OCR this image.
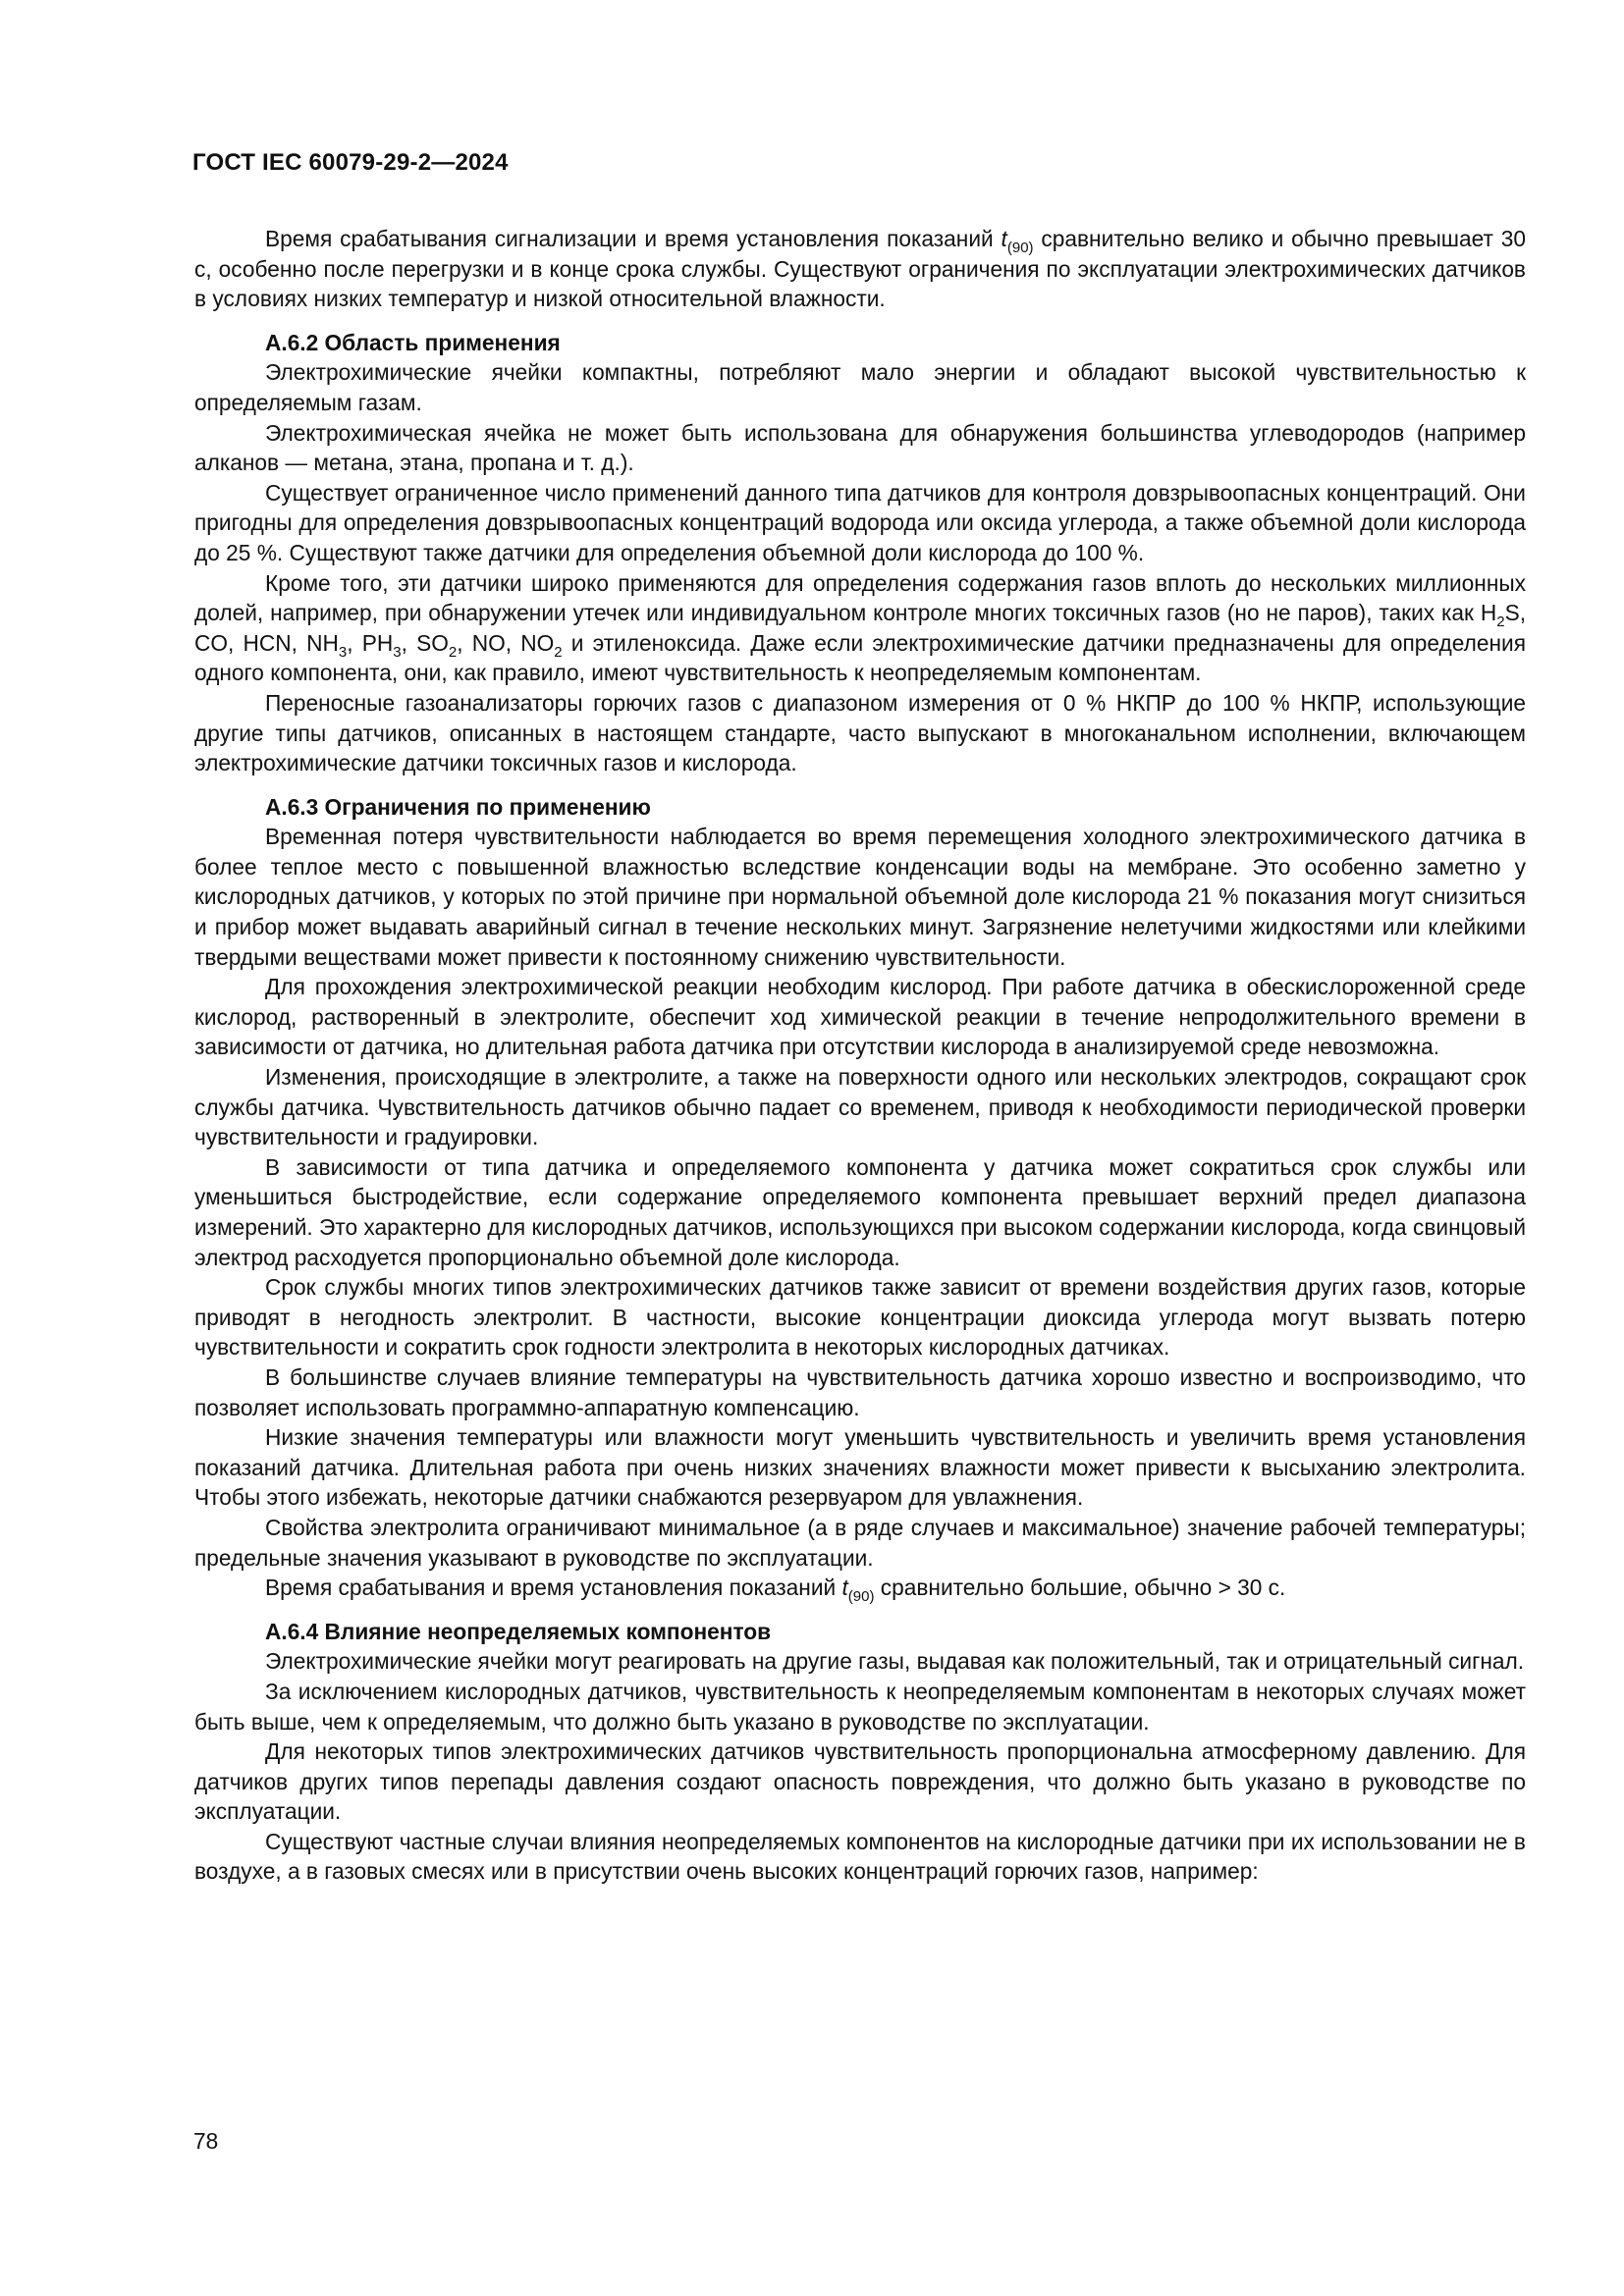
ГОСТ IEC 60079-29-2—2024

Время срабатывания сигнализации и время установления показаний $t_{(90)}$ сравнительно велико и обычно превышает 30 с, особенно после перегрузки и в конце срока службы. Существуют ограничения по эксплуатации электрохимических датчиков в условиях низких температур и низкой относительной влажности.

А.6.2 Область применения

Электрохимические ячейки компактны, потребляют мало энергии и обладают высокой чувствительностью к определяемым газам.

Электрохимическая ячейка не может быть использована для обнаружения большинства углеводородов (например алканов — метана, этана, пропана и т. д.).

Существует ограниченное число применений данного типа датчиков для контроля довзрывоопасных концентраций. Они пригодны для определения довзрывоопасных концентраций водорода или оксида углерода, а также объемной доли кислорода до 25 %. Существуют также датчики для определения объемной доли кислорода до 100 %.

Кроме того, эти датчики широко применяются для определения содержания газов вплоть до нескольких миллионных долей, например, при обнаружении утечек или индивидуальном контроле многих токсичных газов (но не паров), таких как $H_2S$, CO, HCN, $NH_3$, $PH_3$, $SO_2$, NO, $NO_2$ и этиленоксида. Даже если электрохимические датчики предназначены для определения одного компонента, они, как правило, имеют чувствительность к неопределяемым компонентам.

Переносные газоанализаторы горючих газов с диапазоном измерения от 0 % НКПР до 100 % НКПР, использующие другие типы датчиков, описанных в настоящем стандарте, часто выпускают в многоканальном исполнении, включающем электрохимические датчики токсичных газов и кислорода.

А.6.3 Ограничения по применению

Временная потеря чувствительности наблюдается во время перемещения холодного электрохимического датчика в более теплое место с повышенной влажностью вследствие конденсации воды на мембране. Это особенно заметно у кислородных датчиков, у которых по этой причине при нормальной объемной доле кислорода 21 % показания могут снизиться и прибор может выдавать аварийный сигнал в течение нескольких минут. Загрязнение нелетучими жидкостями или клейкими твердыми веществами может привести к постоянному снижению чувствительности.

Для прохождения электрохимической реакции необходим кислород. При работе датчика в обескислороженной среде кислород, растворенный в электролите, обеспечит ход химической реакции в течение непродолжительного времени в зависимости от датчика, но длительная работа датчика при отсутствии кислорода в анализируемой среде невозможна.

Изменения, происходящие в электролите, а также на поверхности одного или нескольких электродов, сокращают срок службы датчика. Чувствительность датчиков обычно падает со временем, приводя к необходимости периодической проверки чувствительности и градуировки.

В зависимости от типа датчика и определяемого компонента у датчика может сократиться срок службы или уменьшиться быстродействие, если содержание определяемого компонента превышает верхний предел диапазона измерений. Это характерно для кислородных датчиков, использующихся при высоком содержании кислорода, когда свинцовый электрод расходуется пропорционально объемной доле кислорода.

Срок службы многих типов электрохимических датчиков также зависит от времени воздействия других газов, которые приводят в негодность электролит. В частности, высокие концентрации диоксида углерода могут вызвать потерю чувствительности и сократить срок годности электролита в некоторых кислородных датчиках.

В большинстве случаев влияние температуры на чувствительность датчика хорошо известно и воспроизводимо, что позволяет использовать программно-аппаратную компенсацию.

Низкие значения температуры или влажности могут уменьшить чувствительность и увеличить время установления показаний датчика. Длительная работа при очень низких значениях влажности может привести к высыханию электролита. Чтобы этого избежать, некоторые датчики снабжаются резервуаром для увлажнения.

Свойства электролита ограничивают минимальное (а в ряде случаев и максимальное) значение рабочей температуры; предельные значения указывают в руководстве по эксплуатации.

Время срабатывания и время установления показаний $t_{(90)}$ сравнительно большие, обычно > 30 с.

А.6.4 Влияние неопределяемых компонентов

Электрохимические ячейки могут реагировать на другие газы, выдавая как положительный, так и отрицательный сигнал.

За исключением кислородных датчиков, чувствительность к неопределяемым компонентам в некоторых случаях может быть выше, чем к определяемым, что должно быть указано в руководстве по эксплуатации.

Для некоторых типов электрохимических датчиков чувствительность пропорциональна атмосферному давлению. Для датчиков других типов перепады давления создают опасность повреждения, что должно быть указано в руководстве по эксплуатации.

Существуют частные случаи влияния неопределяемых компонентов на кислородные датчики при их использовании не в воздухе, а в газовых смесях или в присутствии очень высоких концентраций горючих газов, например:

78
